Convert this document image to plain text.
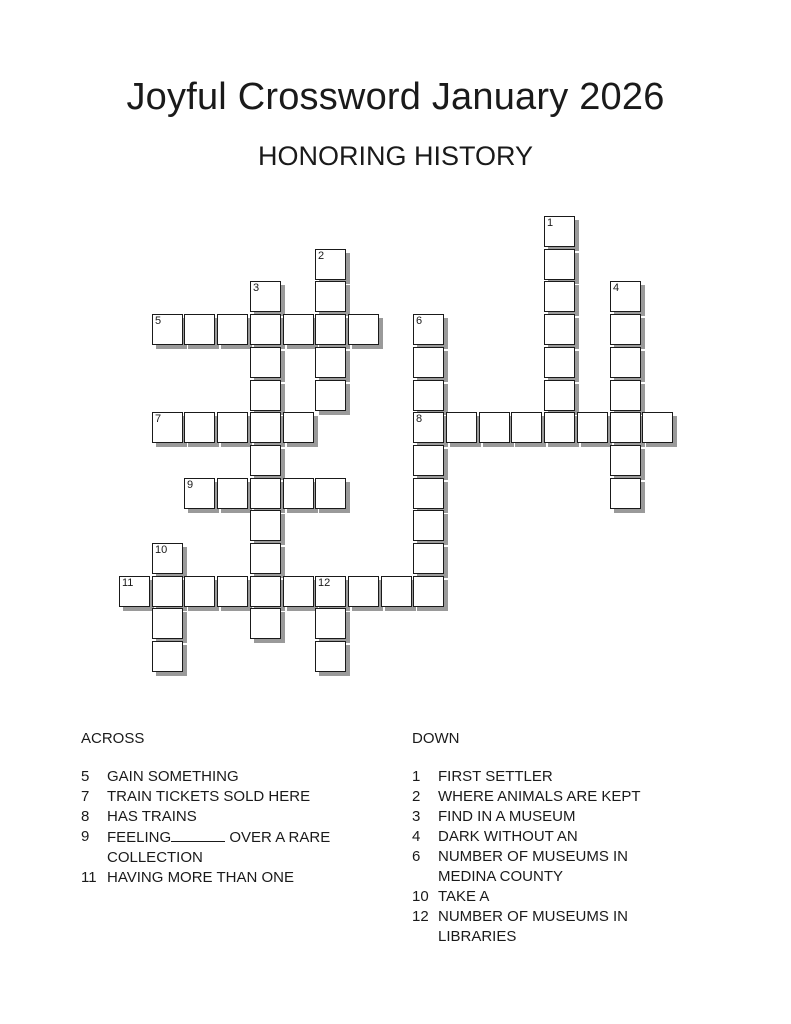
Joyful Crossword January 2026
HONORING HISTORY
1
2
3	4
5	6
7	8
9
10
11	12
ACROSS
5	GAIN SOMETHING
7	TRAIN TICKETS SOLD HERE
8	HAS TRAINS
9	FEELING	OVER A RARE
COLLECTION
11 HAVING MORE THAN ONE
DOWN
1	FIRST SETTLER
2	WHERE ANIMALS ARE KEPT
3	FIND IN A MUSEUM
4	DARK WITHOUT AN
6	NUMBER OF MUSEUMS IN
MEDINA COUNTY
10 TAKE A
12 NUMBER OF MUSEUMS IN
LIBRARIES
